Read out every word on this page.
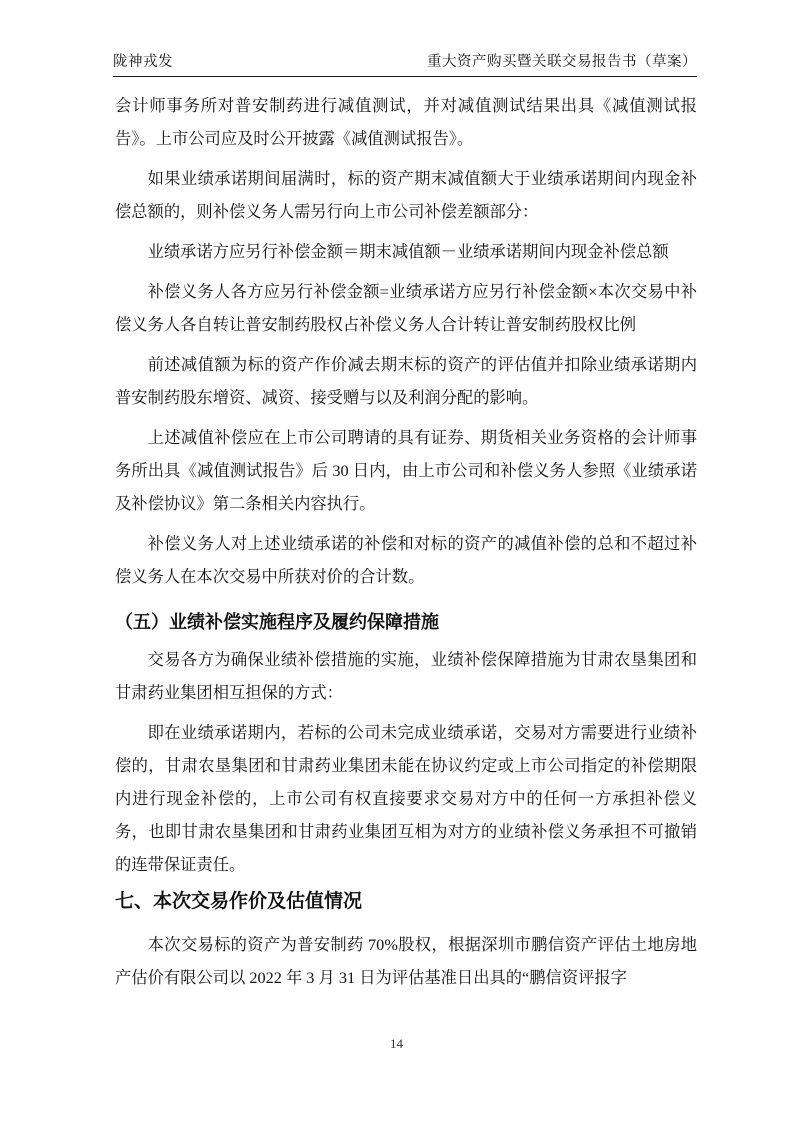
陇神戎发	重大资产购买暨关联交易报告书（草案）

会计师事务所对普安制药进行减值测试，并对减值测试结果出具《减值测试报告》。上市公司应及时公开披露《减值测试报告》。

如果业绩承诺期间届满时，标的资产期末减值额大于业绩承诺期间内现金补偿总额的，则补偿义务人需另行向上市公司补偿差额部分：

业绩承诺方应另行补偿金额＝期末减值额－业绩承诺期间内现金补偿总额

补偿义务人各方应另行补偿金额=业绩承诺方应另行补偿金额×本次交易中补偿义务人各自转让普安制药股权占补偿义务人合计转让普安制药股权比例

前述减值额为标的资产作价减去期末标的资产的评估值并扣除业绩承诺期内普安制药股东增资、减资、接受赠与以及利润分配的影响。

上述减值补偿应在上市公司聘请的具有证券、期货相关业务资格的会计师事务所出具《减值测试报告》后 30 日内，由上市公司和补偿义务人参照《业绩承诺及补偿协议》第二条相关内容执行。

补偿义务人对上述业绩承诺的补偿和对标的资产的减值补偿的总和不超过补偿义务人在本次交易中所获对价的合计数。

（五）业绩补偿实施程序及履约保障措施

交易各方为确保业绩补偿措施的实施，业绩补偿保障措施为甘肃农垦集团和甘肃药业集团相互担保的方式：

即在业绩承诺期内，若标的公司未完成业绩承诺，交易对方需要进行业绩补偿的，甘肃农垦集团和甘肃药业集团未能在协议约定或上市公司指定的补偿期限内进行现金补偿的，上市公司有权直接要求交易对方中的任何一方承担补偿义务，也即甘肃农垦集团和甘肃药业集团互相为对方的业绩补偿义务承担不可撤销的连带保证责任。

七、本次交易作价及估值情况

本次交易标的资产为普安制药 70%股权，根据深圳市鹏信资产评估土地房地产估价有限公司以 2022 年 3 月 31 日为评估基准日出具的“鹏信资评报字

14
